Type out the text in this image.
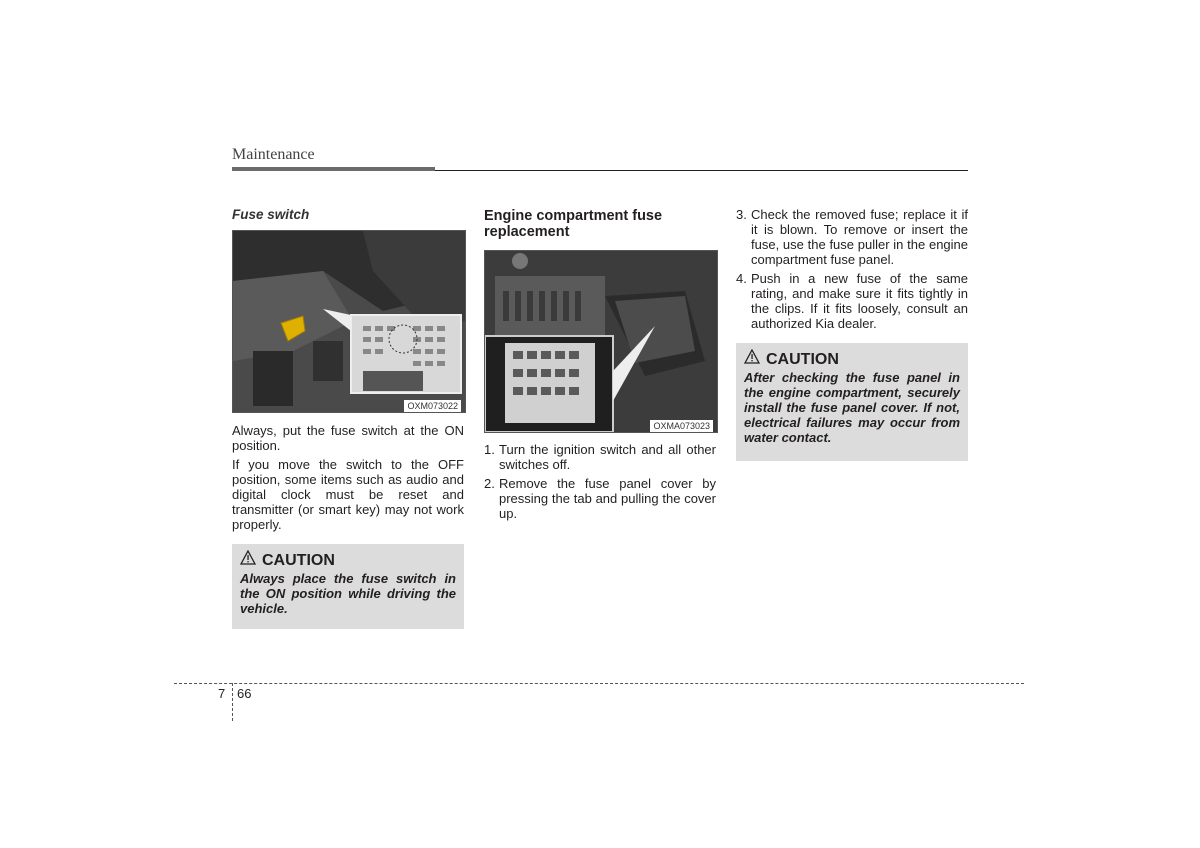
Maintenance
Fuse switch
OXM073022

Always, put the fuse switch at the ON position.

If you move the switch to the OFF position, some items such as audio and digital clock must be reset and transmitter (or smart key) may not work properly.

CAUTION
Always place the fuse switch in the ON position while driving the vehicle.
Engine compartment fuse replacement
OXMA073023
1. Turn the ignition switch and all other switches off.
2. Remove the fuse panel cover by pressing the tab and pulling the cover up.
3. Check the removed fuse; replace it if it is blown. To remove or insert the fuse, use the fuse puller in the engine compartment fuse panel.
4. Push in a new fuse of the same rating, and make sure it fits tightly in the clips. If it fits loosely, consult an authorized Kia dealer.
CAUTION
After checking the fuse panel in the engine compartment, securely install the fuse panel cover. If not, electrical failures may occur from water contact.
7 66
